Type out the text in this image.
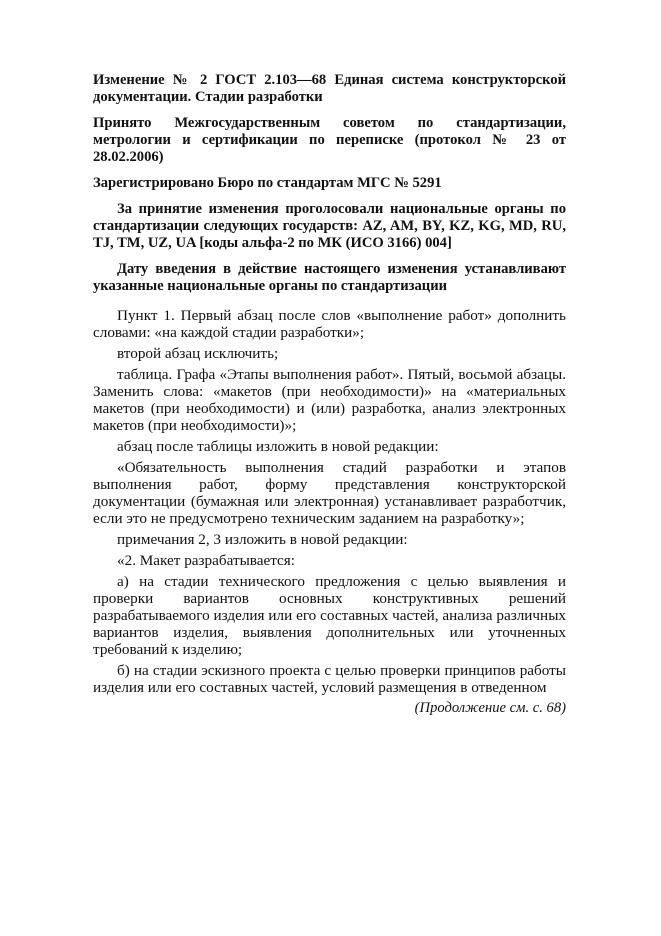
Изменение № 2 ГОСТ 2.103—68 Единая система конструкторской документации. Стадии разработки

Принято Межгосударственным советом по стандартизации, метрологии и сертификации по переписке (протокол № 23 от 28.02.2006)

Зарегистрировано Бюро по стандартам МГС № 5291

За принятие изменения проголосовали национальные органы по стандартизации следующих государств: AZ, AM, BY, KZ, KG, MD, RU, TJ, TM, UZ, UA [коды альфа-2 по МК (ИСО 3166) 004]

Дату введения в действие настоящего изменения устанавливают указанные национальные органы по стандартизации

Пункт 1. Первый абзац после слов «выполнение работ» дополнить словами: «на каждой стадии разработки»;

второй абзац исключить;

таблица. Графа «Этапы выполнения работ». Пятый, восьмой абзацы. Заменить слова: «макетов (при необходимости)» на «материальных макетов (при необходимости) и (или) разработка, анализ электронных макетов (при необходимости)»;

абзац после таблицы изложить в новой редакции:

«Обязательность выполнения стадий разработки и этапов выполнения работ, форму представления конструкторской документации (бумажная или электронная) устанавливает разработчик, если это не предусмотрено техническим заданием на разработку»;

примечания 2, 3 изложить в новой редакции:

«2. Макет разрабатывается:

а) на стадии технического предложения с целью выявления и проверки вариантов основных конструктивных решений разрабатываемого изделия или его составных частей, анализа различных вариантов изделия, выявления дополнительных или уточненных требований к изделию;

б) на стадии эскизного проекта с целью проверки принципов работы изделия или его составных частей, условий размещения в отведенном

(Продолжение см. с. 68)
